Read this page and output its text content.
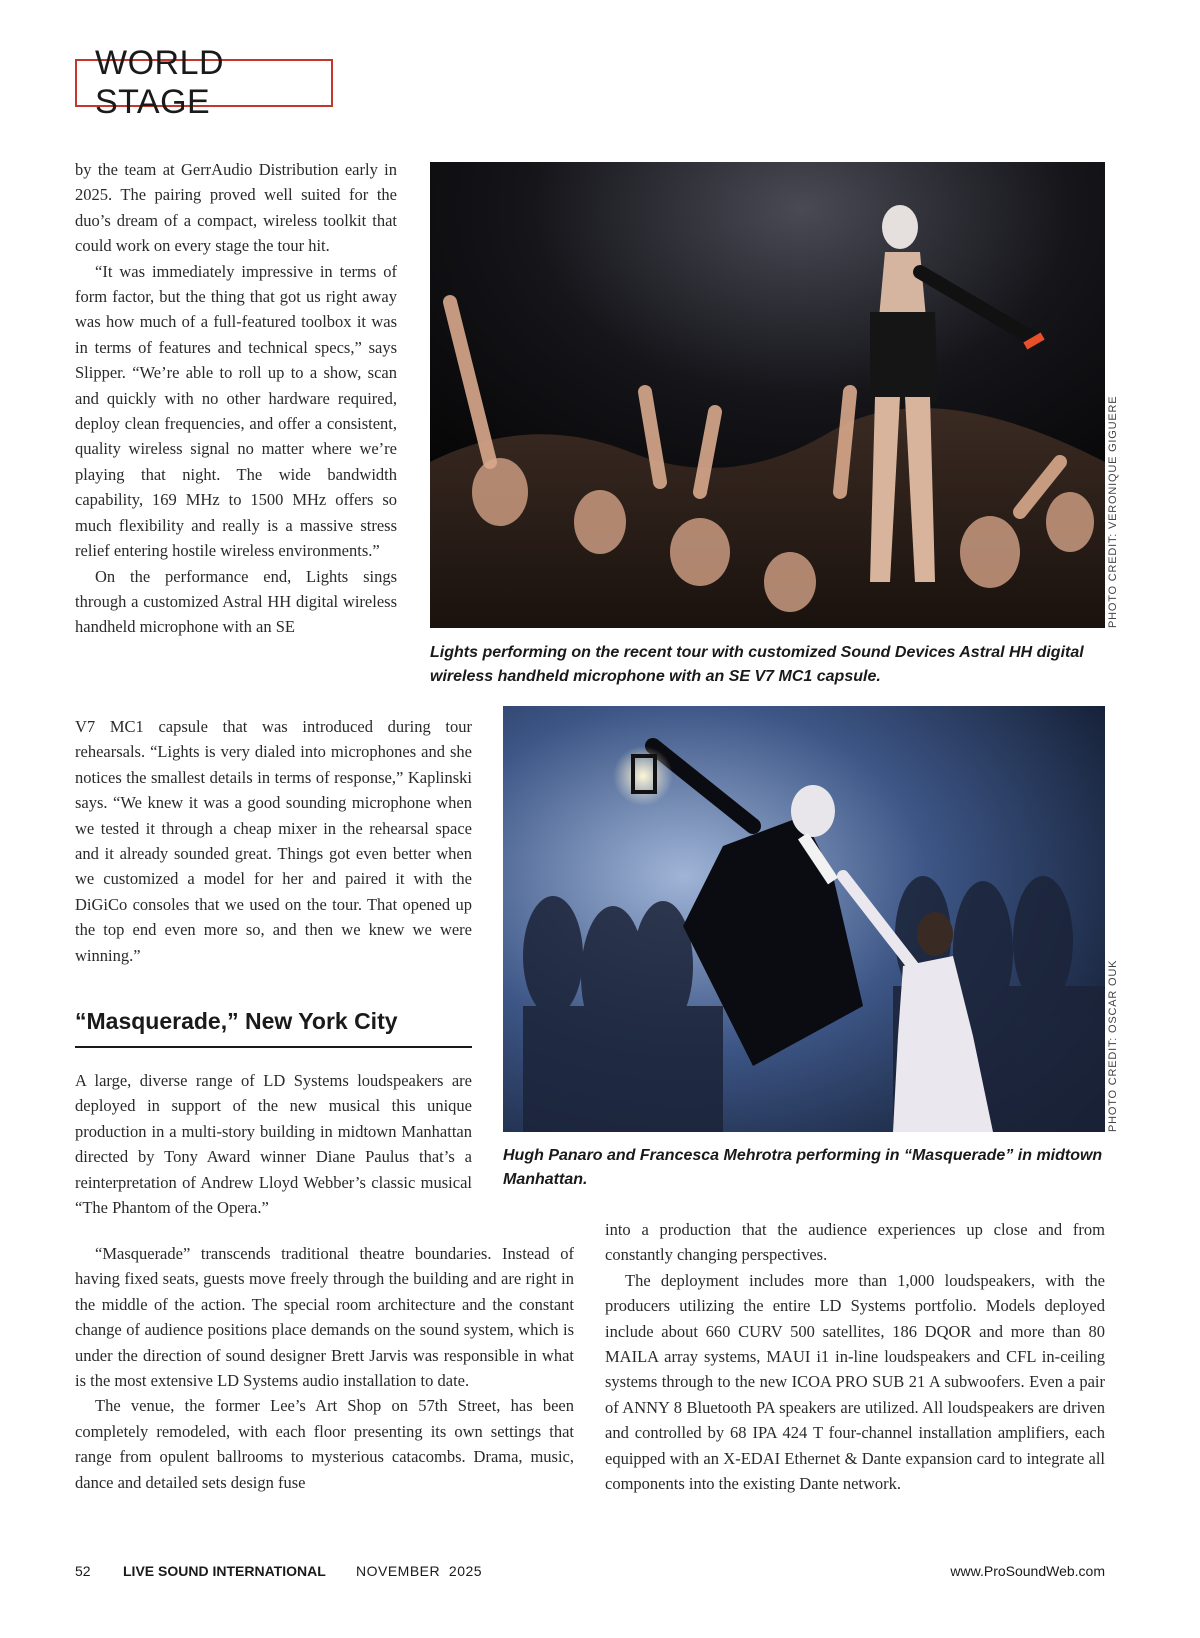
WORLD STAGE

by the team at GerrAudio Distribution early in 2025. The pairing proved well suited for the duo’s dream of a compact, wireless toolkit that could work on every stage the tour hit.

“It was immediately impressive in terms of form factor, but the thing that got us right away was how much of a full-featured toolbox it was in terms of features and technical specs,” says Slipper. “We’re able to roll up to a show, scan and quickly with no other hardware required, deploy clean frequencies, and offer a consistent, quality wireless signal no matter where we’re playing that night. The wide bandwidth capability, 169 MHz to 1500 MHz offers so much flexibility and really is a massive stress relief entering hostile wireless environments.”

On the performance end, Lights sings through a customized Astral HH digital wireless handheld microphone with an SE	PHOTO CREDIT: VERONIQUE GIGUERE
Lights performing on the recent tour with customized Sound Devices Astral HH digital wireless handheld microphone with an SE V7 MC1 capsule.

V7 MC1 capsule that was introduced during tour rehearsals. “Lights is very dialed into microphones and she notices the smallest details in terms of response,” Kaplinski says. “We knew it was a good sounding microphone when we tested it through a cheap mixer in the rehearsal space and it already sounded great. Things got even better when we customized a model for her and paired it with the DiGiCo consoles that we used on the tour. That opened up the top end even more so, and then we knew we were winning.”

PHOTO CREDIT: OSCAR OUK
Hugh Panaro and Francesca Mehrotra performing in “Masquerade” in midtown Manhattan.
“Masquerade,” New York City

A large, diverse range of LD Systems loudspeakers are deployed in support of the new musical this unique production in a multi-story building in midtown Manhattan directed by Tony Award winner Diane Paulus that’s a reinterpretation of Andrew Lloyd Webber’s classic musical “The Phantom of the Opera.”

“Masquerade” transcends traditional theatre boundaries. Instead of having fixed seats, guests move freely through the building and are right in the middle of the action. The special room architecture and the constant change of audience positions place demands on the sound system, which is under the direction of sound designer Brett Jarvis was responsible in what is the most extensive LD Systems audio installation to date.

The venue, the former Lee’s Art Shop on 57th Street, has been completely remodeled, with each floor presenting its own settings that range from opulent ballrooms to mysterious catacombs. Drama, music, dance and detailed sets design fuse

into a production that the audience experiences up close and from constantly changing perspectives.

The deployment includes more than 1,000 loudspeakers, with the producers utilizing the entire LD Systems portfolio. Models deployed include about 660 CURV 500 satellites, 186 DQOR and more than 80 MAILA array systems, MAUI i1 in-line loudspeakers and CFL in-ceiling systems through to the new ICOA PRO SUB 21 A subwoofers. Even a pair of ANNY 8 Bluetooth PA speakers are utilized. All loudspeakers are driven and controlled by 68 IPA 424 T four-channel installation amplifiers, each equipped with an X-EDAI Ethernet & Dante expansion card to integrate all components into the existing Dante network.

52 LIVE SOUND INTERNATIONAL NOVEMBER  2025	www.ProSoundWeb.com
